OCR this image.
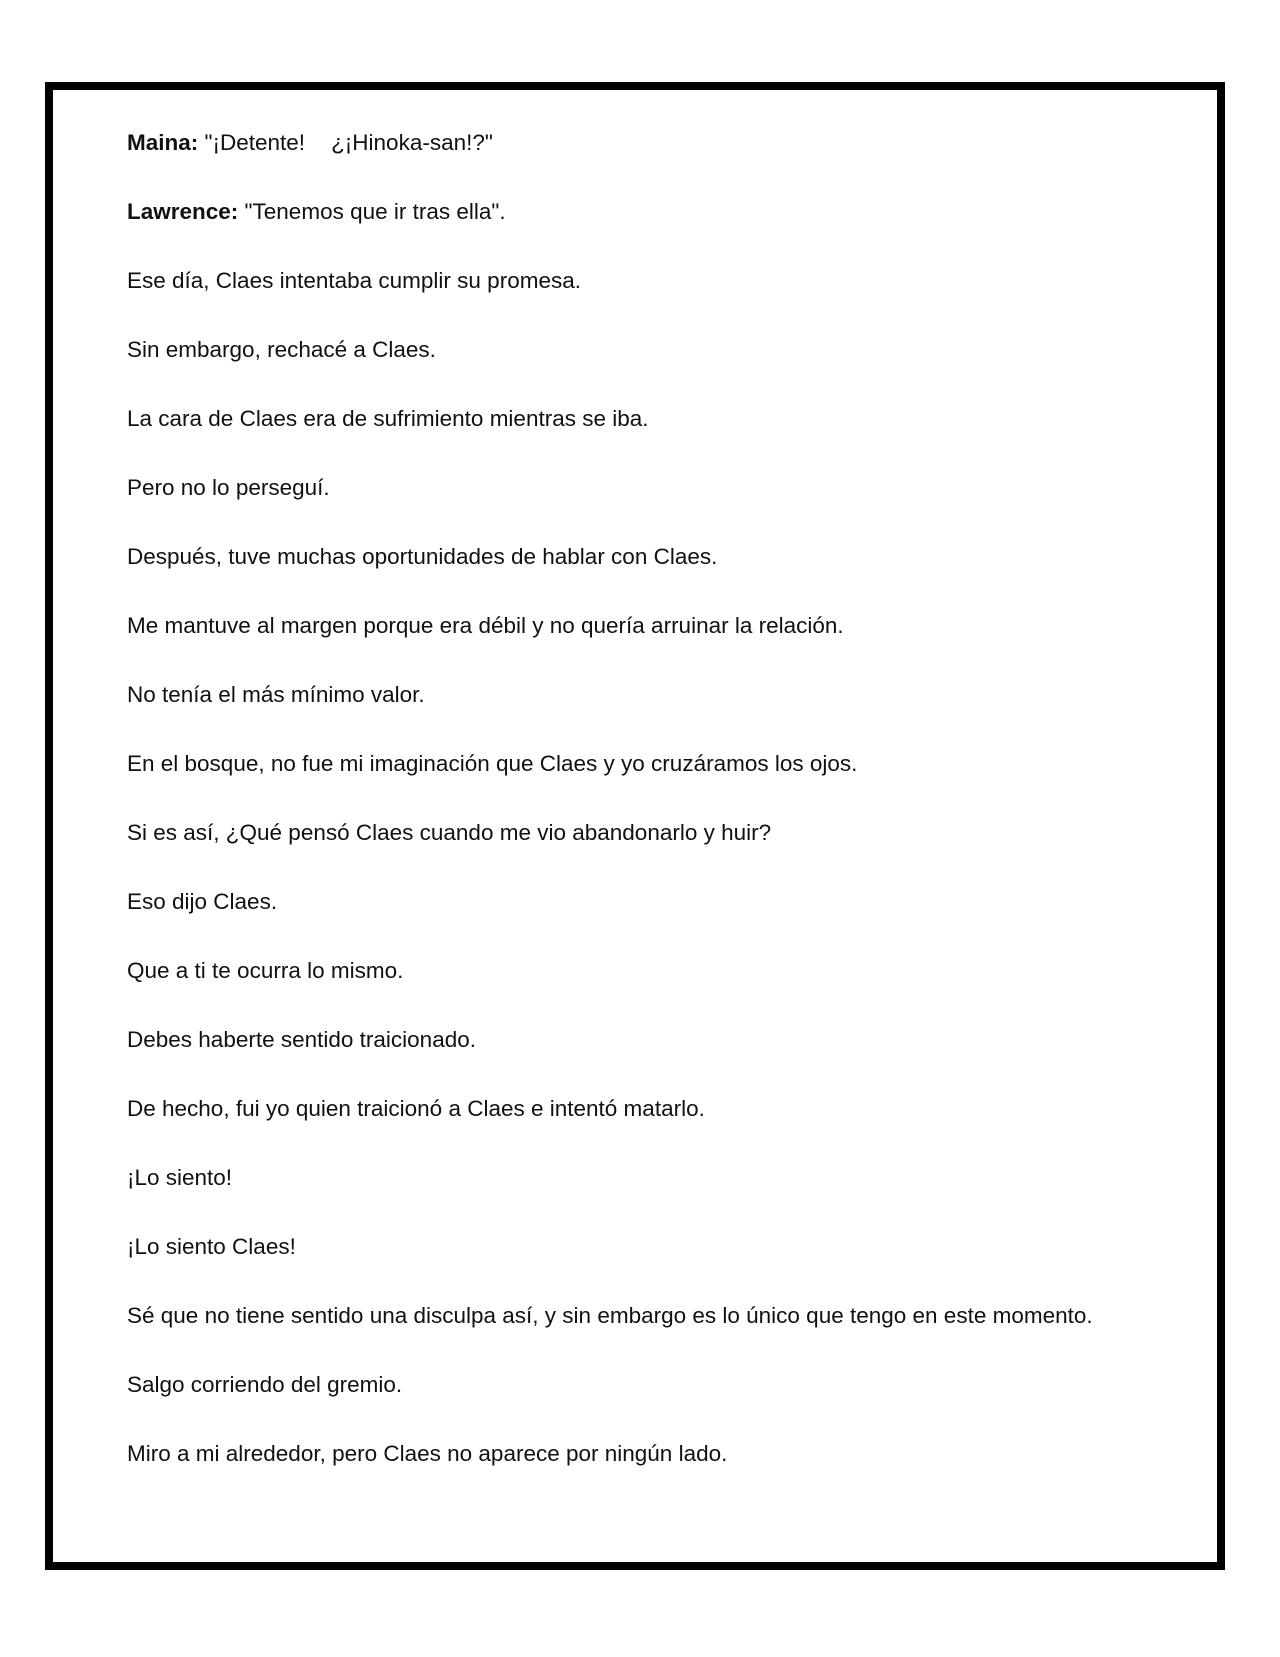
Maina: "¡Detente! ¿¡Hinoka-san!?"

Lawrence: "Tenemos que ir tras ella".

Ese día, Claes intentaba cumplir su promesa.

Sin embargo, rechacé a Claes.

La cara de Claes era de sufrimiento mientras se iba.

Pero no lo perseguí.

Después, tuve muchas oportunidades de hablar con Claes.

Me mantuve al margen porque era débil y no quería arruinar la relación.

No tenía el más mínimo valor.

En el bosque, no fue mi imaginación que Claes y yo cruzáramos los ojos.

Si es así, ¿Qué pensó Claes cuando me vio abandonarlo y huir?

Eso dijo Claes.

Que a ti te ocurra lo mismo.

Debes haberte sentido traicionado.

De hecho, fui yo quien traicionó a Claes e intentó matarlo.

¡Lo siento!

¡Lo siento Claes!

Sé que no tiene sentido una disculpa así, y sin embargo es lo único que tengo en este momento.

Salgo corriendo del gremio.

Miro a mi alrededor, pero Claes no aparece por ningún lado.
